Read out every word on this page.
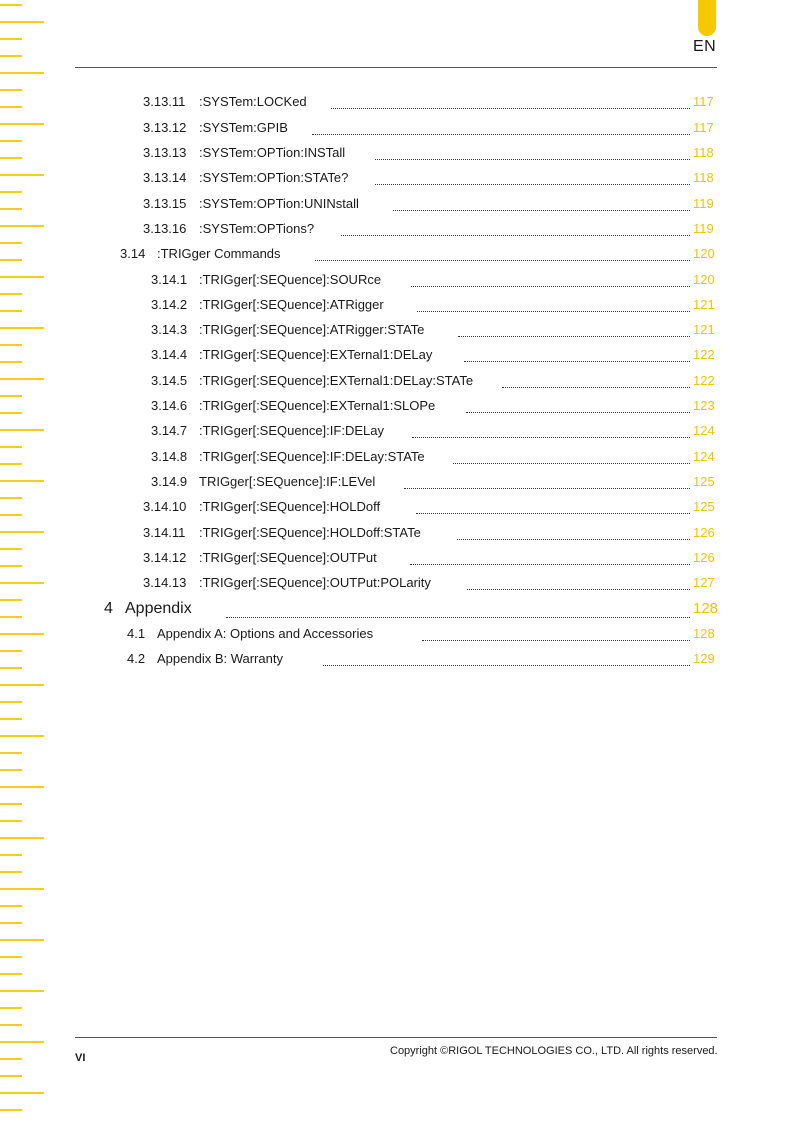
EN
3.13.11 :SYSTem:LOCKed	117
3.13.12 :SYSTem:GPIB	117
3.13.13 :SYSTem:OPTion:INSTall	118
3.13.14 :SYSTem:OPTion:STATe?	118
3.13.15 :SYSTem:OPTion:UNINstall	119
3.13.16 :SYSTem:OPTions?	119
3.14 :TRIGger Commands	120
3.14.1 :TRIGger[:SEQuence]:SOURce	120
3.14.2 :TRIGger[:SEQuence]:ATRigger	121
3.14.3 :TRIGger[:SEQuence]:ATRigger:STATe	121
3.14.4 :TRIGger[:SEQuence]:EXTernal1:DELay	122
3.14.5 :TRIGger[:SEQuence]:EXTernal1:DELay:STATe	122
3.14.6 :TRIGger[:SEQuence]:EXTernal1:SLOPe	123
3.14.7 :TRIGger[:SEQuence]:IF:DELay	124
3.14.8 :TRIGger[:SEQuence]:IF:DELay:STATe	124
3.14.9 TRIGger[:SEQuence]:IF:LEVel	125
3.14.10 :TRIGger[:SEQuence]:HOLDoff	125
3.14.11 :TRIGger[:SEQuence]:HOLDoff:STATe	126
3.14.12 :TRIGger[:SEQuence]:OUTPut	126
3.14.13 :TRIGger[:SEQuence]:OUTPut:POLarity	127
4 Appendix	128
4.1 Appendix A: Options and Accessories	128
4.2 Appendix B: Warranty	129
VI
Copyright ©RIGOL TECHNOLOGIES CO., LTD. All rights reserved.
